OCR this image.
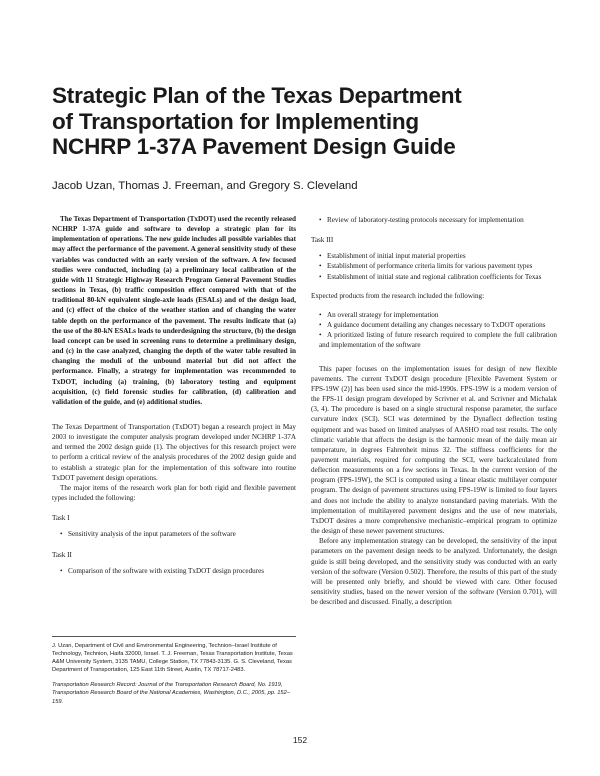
Strategic Plan of the Texas Department
of Transportation for Implementing
NCHRP 1-37A Pavement Design Guide
Jacob Uzan, Thomas J. Freeman, and Gregory S. Cleveland

The Texas Department of Transportation (TxDOT) used the recently released NCHRP 1-37A guide and software to develop a strategic plan for its implementation of operations. The new guide includes all possible variables that may affect the performance of the pavement. A general sensitivity study of these variables was conducted with an early version of the software. A few focused studies were conducted, including (a) a preliminary local calibration of the guide with 11 Strategic Highway Research Program General Pavement Studies sections in Texas, (b) traffic composition effect compared with that of the traditional 80-kN equivalent single-axle loads (ESALs) and of the design load, and (c) effect of the choice of the weather station and of changing the water table depth on the performance of the pavement. The results indicate that (a) the use of the 80-kN ESALs leads to underdesigning the structure, (b) the design load concept can be used in screening runs to determine a preliminary design, and (c) in the case analyzed, changing the depth of the water table resulted in changing the moduli of the unbound material but did not affect the performance. Finally, a strategy for implementation was recommended to TxDOT, including (a) training, (b) laboratory testing and equipment acquisition, (c) field forensic studies for calibration, (d) calibration and validation of the guide, and (e) additional studies.

The Texas Department of Transportation (TxDOT) began a research project in May 2003 to investigate the computer analysis program developed under NCHRP 1-37A and termed the 2002 design guide (1). The objectives for this research project were to perform a critical review of the analysis procedures of the 2002 design guide and to establish a strategic plan for the implementation of this software into routine TxDOT pavement design operations.

The major items of the research work plan for both rigid and flexible pavement types included the following:

Task I

• Sensitivity analysis of the input parameters of the software

Task II

• Comparison of the software with existing TxDOT design procedures

J. Uzan, Department of Civil and Environmental Engineering, Technion–Israel Institute of Technology, Technion, Haifa 32000, Israel. T. J. Freeman, Texas Transportation Institute, Texas A&M University System, 3135 TAMU, College Station, TX 77843-3135. G. S. Cleveland, Texas Department of Transportation, 125 East 11th Street, Austin, TX 78717-2483.

Transportation Research Record: Journal of the Transportation Research Board, No. 1919, Transportation Research Board of the National Academies, Washington, D.C., 2005, pp. 152–159.

• Review of laboratory-testing protocols necessary for implementation

Task III

• Establishment of initial input material properties

• Establishment of performance criteria limits for various pavement types

• Establishment of initial state and regional calibration coefficients for Texas

Expected products from the research included the following:

• An overall strategy for implementation

• A guidance document detailing any changes necessary to TxDOT operations

• A prioritized listing of future research required to complete the full calibration and implementation of the software

This paper focuses on the implementation issues for design of new flexible pavements. The current TxDOT design procedure [Flexible Pavement System or FPS-19W (2)] has been used since the mid-1990s. FPS-19W is a modern version of the FPS-11 design program developed by Scrivner et al. and Scrivner and Michalak (3, 4). The procedure is based on a single structural response parameter, the surface curvature index (SCI). SCI was determined by the Dynaflect deflection testing equipment and was based on limited analyses of AASHO road test results. The only climatic variable that affects the design is the harmonic mean of the daily mean air temperature, in degrees Fahrenheit minus 32. The stiffness coefficients for the pavement materials, required for computing the SCI, were backcalculated from deflection measurements on a few sections in Texas. In the current version of the program (FPS-19W), the SCI is computed using a linear elastic multilayer computer program. The design of pavement structures using FPS-19W is limited to four layers and does not include the ability to analyze nonstandard paving materials. With the implementation of multilayered pavement designs and the use of new materials, TxDOT desires a more comprehensive mechanistic–empirical program to optimize the design of these newer pavement structures.

Before any implementation strategy can be developed, the sensitivity of the input parameters on the pavement design needs to be analyzed. Unfortunately, the design guide is still being developed, and the sensitivity study was conducted with an early version of the software (Version 0.502). Therefore, the results of this part of the study will be presented only briefly, and should be viewed with care. Other focused sensitivity studies, based on the newer version of the software (Version 0.701), will be described and discussed. Finally, a description

152
